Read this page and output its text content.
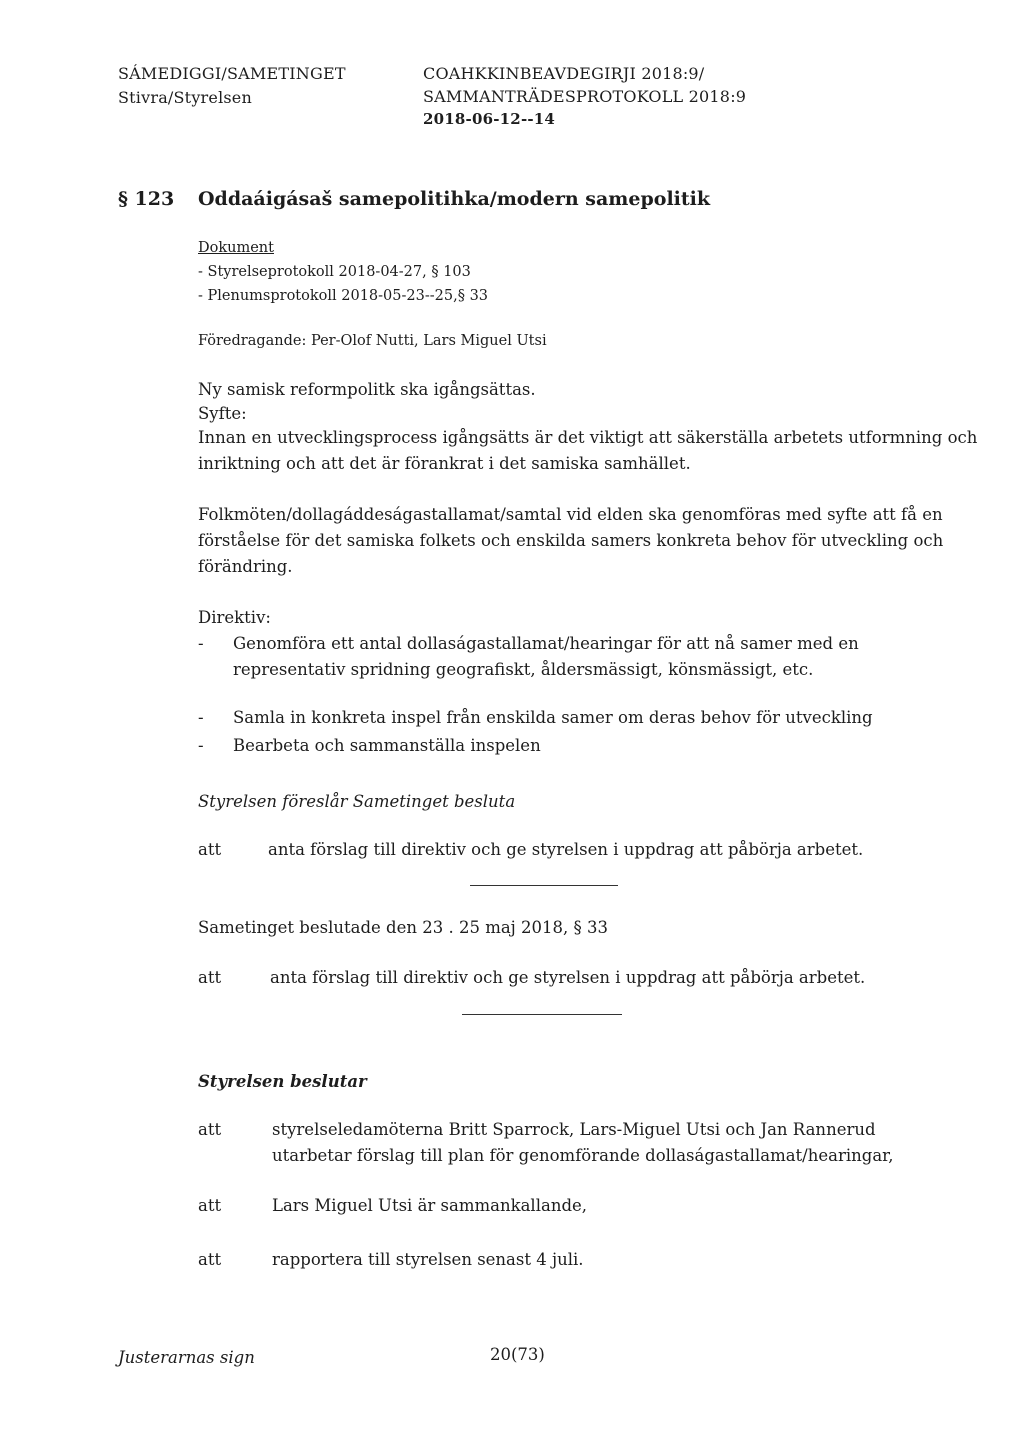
SÁMEDIGGI/SAMETINGET
Stivra/Styrelsen
COAHKKINBEAVDEGIRJI 2018:9/
SAMMANTRÄDESPROTOKOLL 2018:9
2018-06-12--14
§ 123 Oddaáigásaš samepolitihka/modern samepolitik
Dokument
- Styrelseprotokoll 2018-04-27, § 103
- Plenumsprotokoll 2018-05-23--25,§ 33
Föredragande: Per-Olof Nutti, Lars Miguel Utsi
Ny samisk reformpolitk ska igångsättas.
Syfte:
Innan en utvecklingsprocess igångsätts är det viktigt att säkerställa arbetets utformning och
inriktning och att det är förankrat i det samiska samhället.
Folkmöten/dollagáddeságastallamat/samtal vid elden ska genomföras med syfte att få en
förståelse för det samiska folkets och enskilda samers konkreta behov för utveckling och
förändring.
Direktiv:
- Genomföra ett antal dollaságastallamat/hearingar för att nå samer med en
representativ spridning geografiskt, åldersmässigt, könsmässigt, etc.
- Samla in konkreta inspel från enskilda samer om deras behov för utveckling
- Bearbeta och sammanställa inspelen
Styrelsen föreslår Sametinget besluta
att	anta förslag till direktiv och ge styrelsen i uppdrag att påbörja arbetet.
Sametinget beslutade den 23 . 25 maj 2018, § 33
att	anta förslag till direktiv och ge styrelsen i uppdrag att påbörja arbetet.
Styrelsen beslutar
att	styrelseledamöterna Britt Sparrock, Lars-Miguel Utsi och Jan Rannerud
utarbetar förslag till plan för genomförande dollaságastallamat/hearingar,
att	Lars Miguel Utsi är sammankallande,
att	rapportera till styrelsen senast 4 juli.
Justerarnas sign	20(73)
